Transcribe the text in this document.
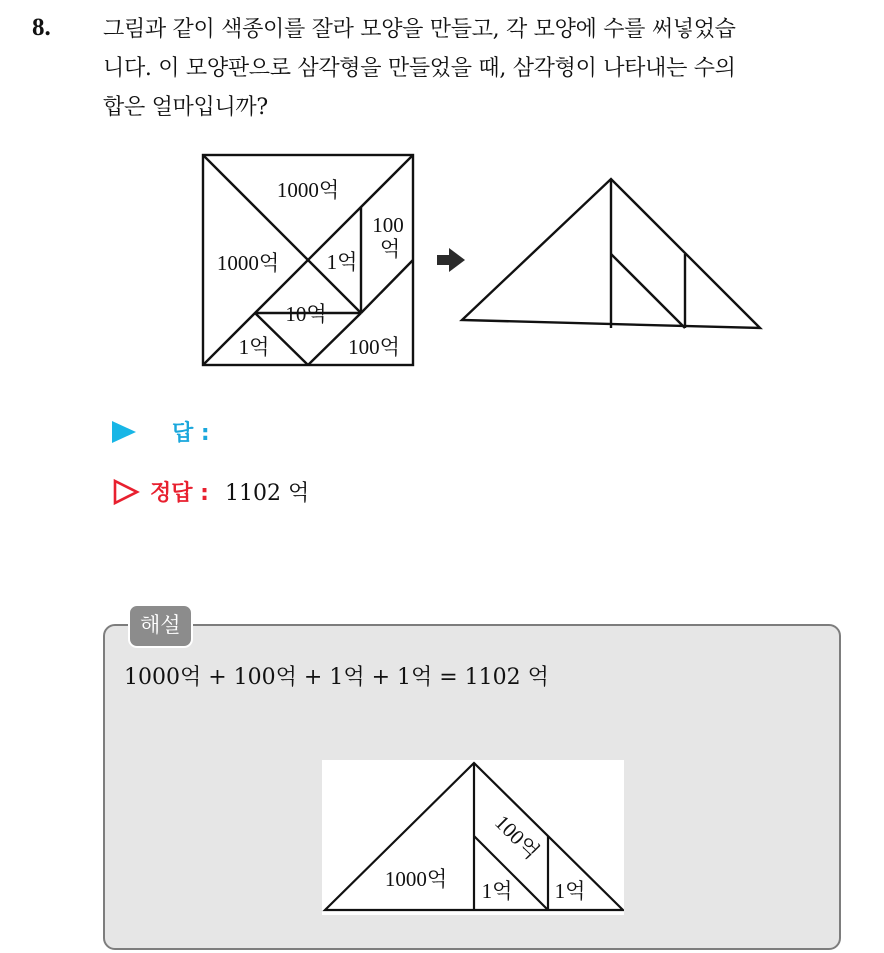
8. 그림과 같이 색종이를 잘라 모양을 만들고, 각 모양에 수를 써넣었습
니다. 이 모양판으로 삼각형을 만들었을 때, 삼각형이 나타내는 수의
합은 얼마입니까?
1000억
1000억 1억
100
억
10억
1억	100억
답 :
정답 : 1102 억
해설
1000억 + 100억 + 1억 + 1억 = 1102 억
1000억
100억
1억 1억
